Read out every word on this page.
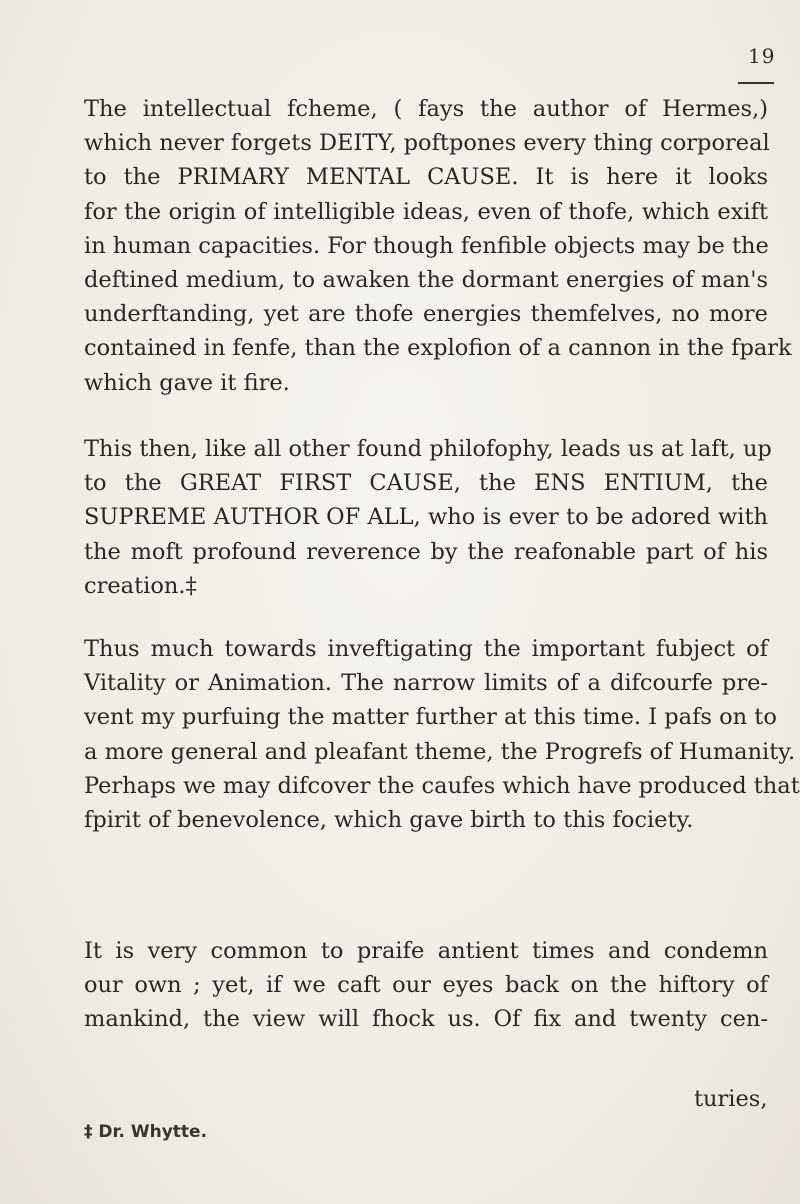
19
The intellectual fcheme, ( fays the author of Hermes,)
which never forgets DEITY, poftpones every thing corporeal
to the PRIMARY MENTAL CAUSE. It is here it looks
for the origin of intelligible ideas, even of thofe, which exift
in human capacities. For though fenfible objects may be the
deftined medium, to awaken the dormant energies of man's
underftanding, yet are thofe energies themfelves, no more
contained in fenfe, than the explofion of a cannon in the fpark
which gave it fire.
This then, like all other found philofophy, leads us at laft, up
to the GREAT FIRST CAUSE, the ENS ENTIUM, the
SUPREME AUTHOR OF ALL, who is ever to be adored with
the moft profound reverence by the reafonable part of his
creation.‡
Thus much towards inveftigating the important fubject of
Vitality or Animation. The narrow limits of a difcourfe pre-
vent my purfuing the matter further at this time. I pafs on to
a more general and pleafant theme, the Progrefs of Humanity.
Perhaps we may difcover the caufes which have produced that
fpirit of benevolence, which gave birth to this fociety.
It is very common to praife antient times and condemn
our own ; yet, if we caft our eyes back on the hiftory of
mankind, the view will fhock us. Of fix and twenty cen-
turies,
‡ Dr. Whytte.
